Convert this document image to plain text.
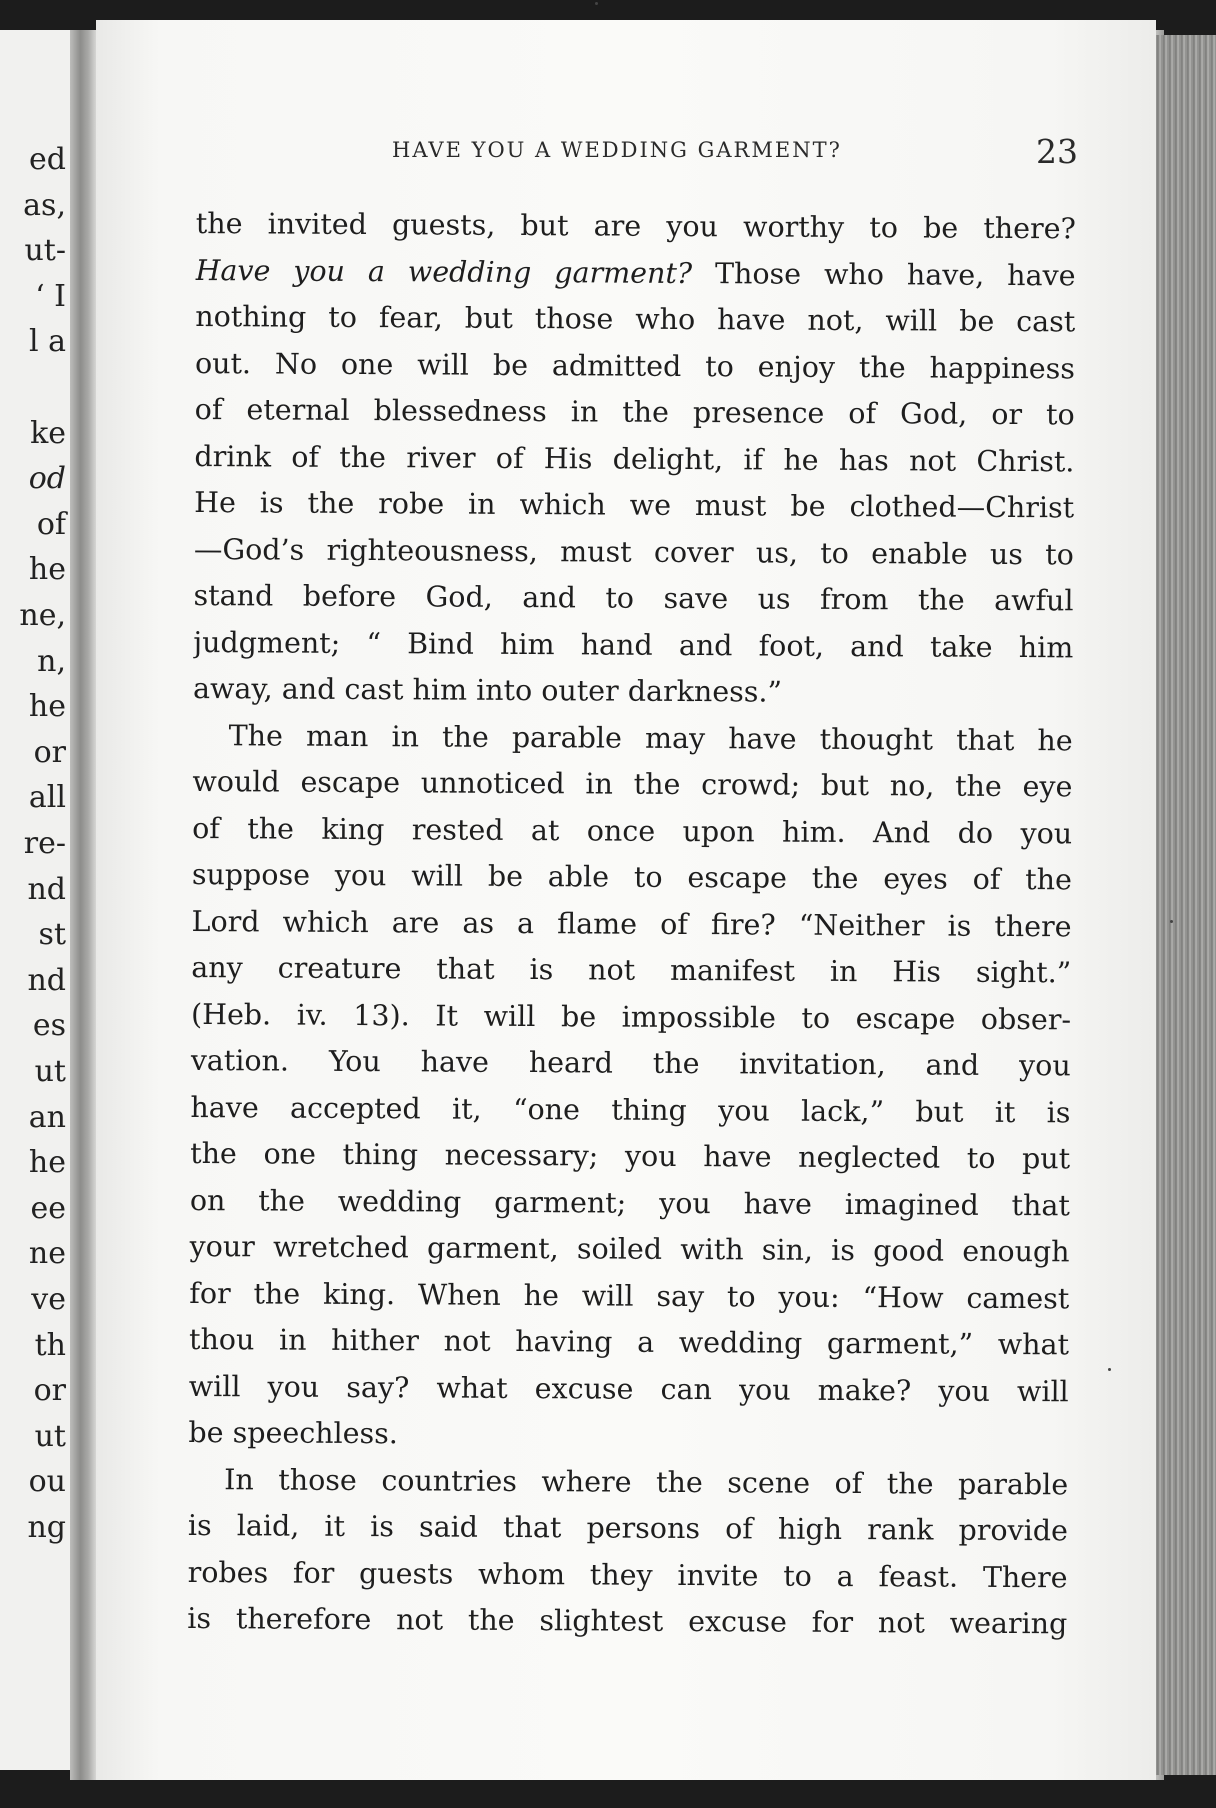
ed
as,
ut-
‘ I
l a
ke
od
of
he
ne,
n,
he
or
all
re-
nd
st
nd
es
ut
an
he
ee
ne
ve
th
or
ut
ou
ng
HAVE YOU A WEDDING GARMENT?	23
the invited guests, but are you worthy to be there?
Have you a wedding garment? Those who have, have
nothing to fear, but those who have not, will be cast
out. No one will be admitted to enjoy the happiness
of eternal blessedness in the presence of God, or to
drink of the river of His delight, if he has not Christ.
He is the robe in which we must be clothed—Christ
—God’s righteousness, must cover us, to enable us to
stand before God, and to save us from the awful
judgment; “ Bind him hand and foot, and take him
away, and cast him into outer darkness.”
The man in the parable may have thought that he
would escape unnoticed in the crowd; but no, the eye
of the king rested at once upon him. And do you
suppose you will be able to escape the eyes of the
Lord which are as a flame of fire? “Neither is there
any creature that is not manifest in His sight.”
(Heb. iv. 13). It will be impossible to escape obser-
vation. You have heard the invitation, and you
have accepted it, “one thing you lack,” but it is
the one thing necessary; you have neglected to put
on the wedding garment; you have imagined that
your wretched garment, soiled with sin, is good enough
for the king. When he will say to you: “How camest
thou in hither not having a wedding garment,” what
will you say? what excuse can you make? you will
be speechless.
In those countries where the scene of the parable
is laid, it is said that persons of high rank provide
robes for guests whom they invite to a feast. There
is therefore not the slightest excuse for not wearing
